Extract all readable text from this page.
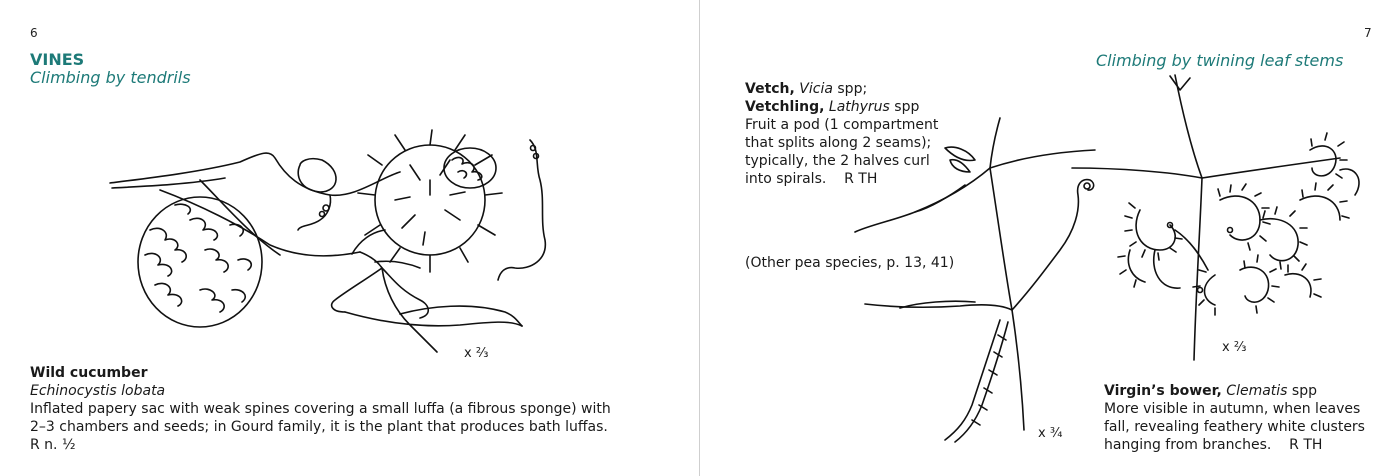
6
VINES
Climbing by tendrils
x ⅔
Wild cucumber
Echinocystis lobata
Inflated papery sac with weak spines covering a small luffa (a fibrous sponge) with
2–3 chambers and seeds; in Gourd family, it is the plant that produces bath luffas.
R n. ½
7
Climbing by twining leaf stems
Vetch, Vicia spp;
Vetchling, Lathyrus spp
Fruit a pod (1 compartment
that splits along 2 seams);
typically, the 2 halves curl
into spirals.    R TH
(Other pea species, p. 13, 41)
x ¾
x ⅔
Virgin’s bower, Clematis spp
More visible in autumn, when leaves
fall, revealing feathery white clusters
hanging from branches.    R TH
